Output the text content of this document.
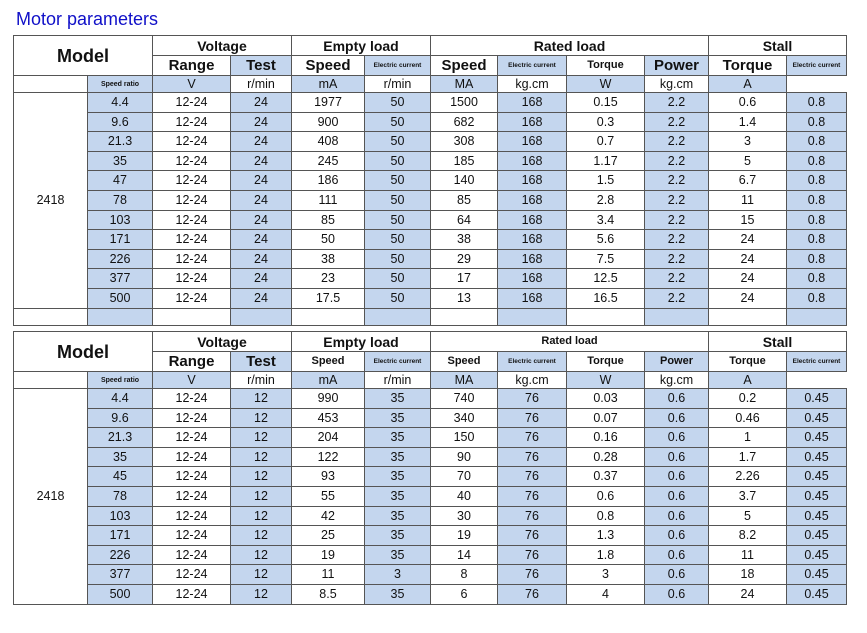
Motor parameters
Model		Voltage		Empty load		Rated load				Stall	
		Range	Test	Speed	Electric current	Speed	Electric current	Torque	Power	Torque	Electric current
	Speed ratio	V	r/min	mA	r/min	MA	kg.cm	W	kg.cm	A	
2418	4.4	12-24	24	1977	50	1500	168	0.15	2.2	0.6	0.8
	9.6	12-24	24	900	50	682	168	0.3	2.2	1.4	0.8
	21.3	12-24	24	408	50	308	168	0.7	2.2	3	0.8
	35	12-24	24	245	50	185	168	1.17	2.2	5	0.8
	47	12-24	24	186	50	140	168	1.5	2.2	6.7	0.8
	78	12-24	24	111	50	85	168	2.8	2.2	11	0.8
	103	12-24	24	85	50	64	168	3.4	2.2	15	0.8
	171	12-24	24	50	50	38	168	5.6	2.2	24	0.8
	226	12-24	24	38	50	29	168	7.5	2.2	24	0.8
	377	12-24	24	23	50	17	168	12.5	2.2	24	0.8
	500	12-24	24	17.5	50	13	168	16.5	2.2	24	0.8

Model		Voltage		Empty load		Rated load				Stall	
		Range	Test	Speed	Electric current	Speed	Electric current	Torque	Power	Torque	Electric current
	Speed ratio	V	r/min	mA	r/min	MA	kg.cm	W	kg.cm	A	
2418	4.4	12-24	12	990	35	740	76	0.03	0.6	0.2	0.45
	9.6	12-24	12	453	35	340	76	0.07	0.6	0.46	0.45
	21.3	12-24	12	204	35	150	76	0.16	0.6	1	0.45
	35	12-24	12	122	35	90	76	0.28	0.6	1.7	0.45
	45	12-24	12	93	35	70	76	0.37	0.6	2.26	0.45
	78	12-24	12	55	35	40	76	0.6	0.6	3.7	0.45
	103	12-24	12	42	35	30	76	0.8	0.6	5	0.45
	171	12-24	12	25	35	19	76	1.3	0.6	8.2	0.45
	226	12-24	12	19	35	14	76	1.8	0.6	11	0.45
	377	12-24	12	11	3	8	76	3	0.6	18	0.45
	500	12-24	12	8.5	35	6	76	4	0.6	24	0.45
